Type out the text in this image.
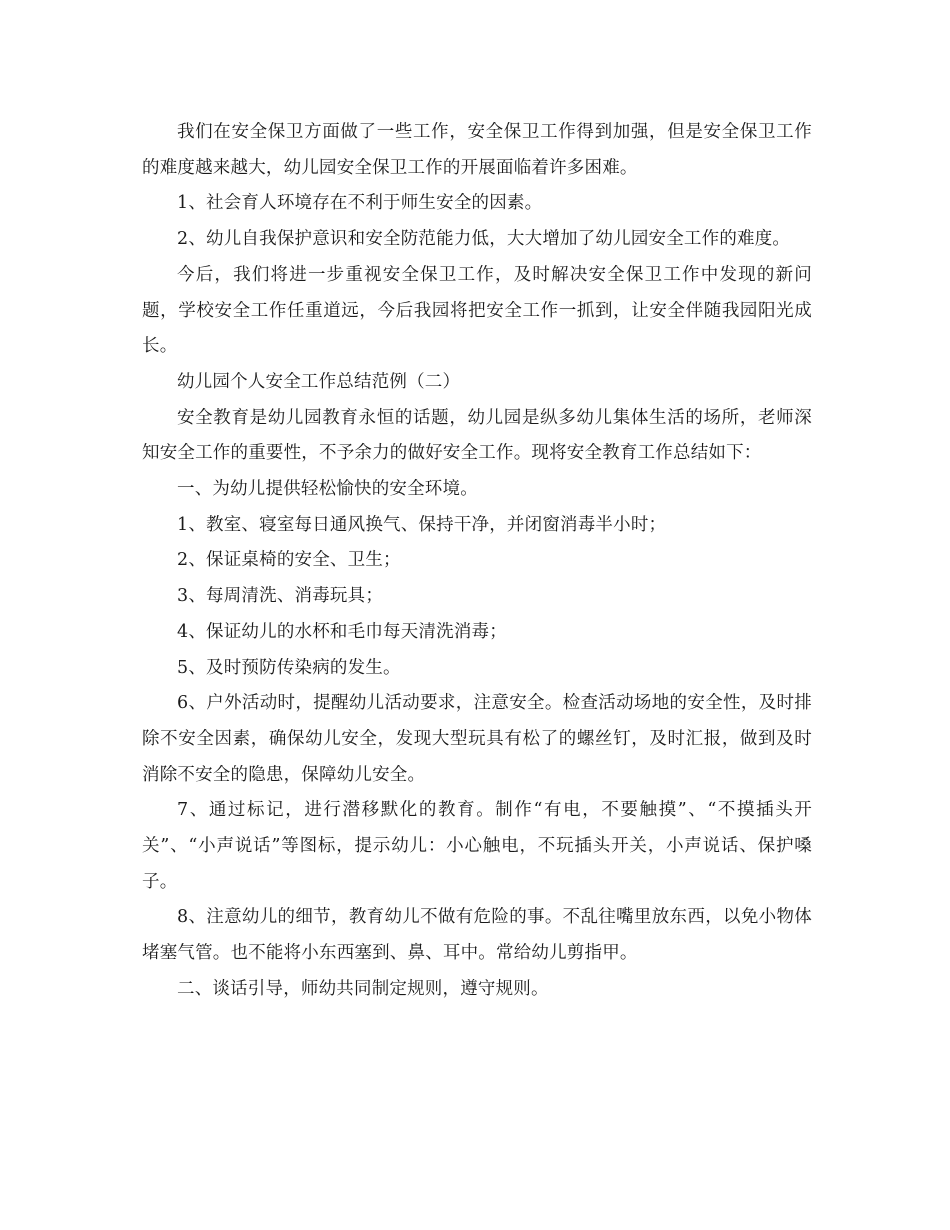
我们在安全保卫方面做了一些工作，安全保卫工作得到加强，但是安全保卫工作的难度越来越大，幼儿园安全保卫工作的开展面临着许多困难。

1、社会育人环境存在不利于师生安全的因素。

2、幼儿自我保护意识和安全防范能力低，大大增加了幼儿园安全工作的难度。

今后，我们将进一步重视安全保卫工作，及时解决安全保卫工作中发现的新问题，学校安全工作任重道远，今后我园将把安全工作一抓到，让安全伴随我园阳光成长。

幼儿园个人安全工作总结范例（二）

安全教育是幼儿园教育永恒的话题，幼儿园是纵多幼儿集体生活的场所，老师深知安全工作的重要性，不予余力的做好安全工作。现将安全教育工作总结如下：

一、为幼儿提供轻松愉快的安全环境。

1、教室、寝室每日通风换气、保持干净，并闭窗消毒半小时；

2、保证桌椅的安全、卫生；

3、每周清洗、消毒玩具；

4、保证幼儿的水杯和毛巾每天清洗消毒；

5、及时预防传染病的发生。

6、户外活动时，提醒幼儿活动要求，注意安全。检查活动场地的安全性，及时排除不安全因素，确保幼儿安全，发现大型玩具有松了的螺丝钉，及时汇报，做到及时消除不安全的隐患，保障幼儿安全。

7、通过标记，进行潜移默化的教育。制作“有电，不要触摸”、“不摸插头开关”、“小声说话”等图标，提示幼儿：小心触电，不玩插头开关，小声说话、保护嗓子。

8、注意幼儿的细节，教育幼儿不做有危险的事。不乱往嘴里放东西，以免小物体堵塞气管。也不能将小东西塞到、鼻、耳中。常给幼儿剪指甲。

二、谈话引导，师幼共同制定规则，遵守规则。
